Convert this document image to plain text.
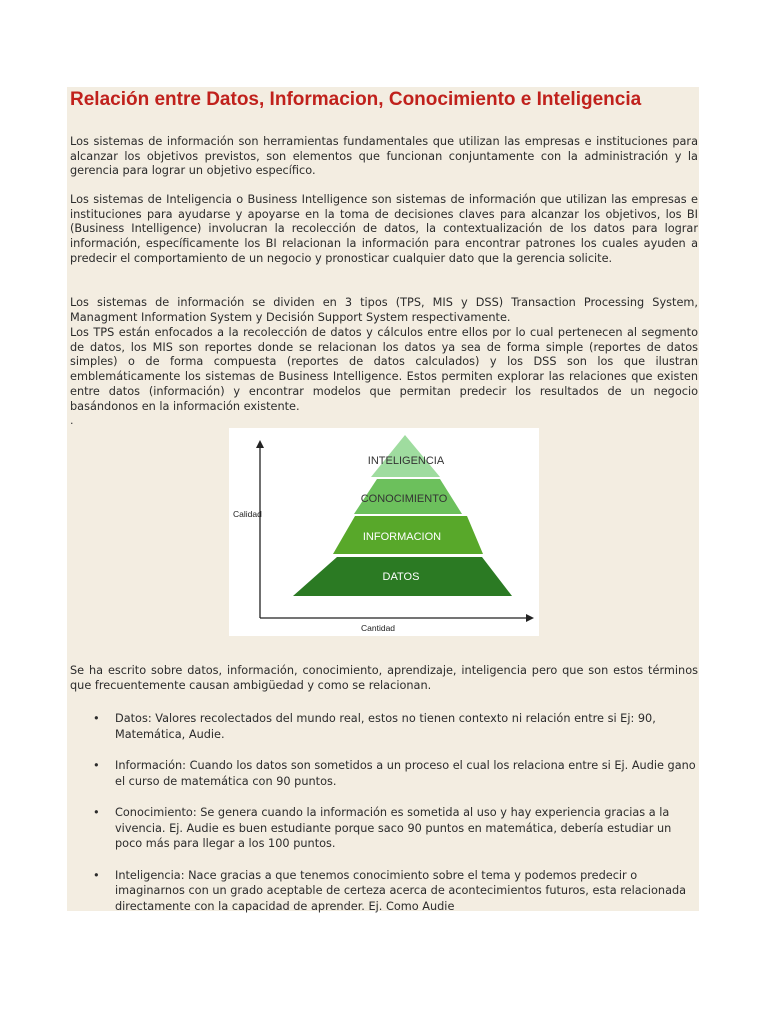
Relación entre Datos, Informacion, Conocimiento e Inteligencia

Los sistemas de información son herramientas fundamentales que utilizan las empresas e instituciones para alcanzar los objetivos previstos, son elementos que funcionan conjuntamente con la administración y la gerencia para lograr un objetivo específico.

Los sistemas de Inteligencia o Business Intelligence son sistemas de información que utilizan las empresas e instituciones para ayudarse y apoyarse en la toma de decisiones claves para alcanzar los objetivos, los BI (Business Intelligence) involucran la recolección de datos, la contextualización de los datos para lograr información, específicamente los BI relacionan la información para encontrar patrones los cuales ayuden a predecir el comportamiento de un negocio y pronosticar cualquier dato que la gerencia solicite.

Los sistemas de información se dividen en 3 tipos (TPS, MIS y DSS) Transaction Processing System, Managment Information System y Decisión Support System respectivamente.

Los TPS están enfocados a la recolección de datos y cálculos entre ellos por lo cual pertenecen al segmento de datos, los MIS son reportes donde se relacionan los datos ya sea de forma simple (reportes de datos simples) o de forma compuesta (reportes de datos calculados) y los DSS son los que ilustran emblemáticamente los sistemas de Business Intelligence. Estos permiten explorar las relaciones que existen entre datos (información) y encontrar modelos que permitan predecir los resultados de un negocio basándonos en la información existente.

.
Calidad
Cantidad
INTELIGENCIA
CONOCIMIENTO
INFORMACION
DATOS

Se ha escrito sobre datos, información, conocimiento, aprendizaje, inteligencia pero que son estos términos que frecuentemente causan ambigüedad y como se relacionan.

• Datos: Valores recolectados del mundo real, estos no tienen contexto ni relación entre si Ej: 90, Matemática, Audie.
• Información: Cuando los datos son sometidos a un proceso el cual los relaciona entre si Ej. Audie gano el curso de matemática con 90 puntos.
• Conocimiento: Se genera cuando la información es sometida al uso y hay experiencia gracias a la vivencia. Ej. Audie es buen estudiante porque saco 90 puntos en matemática, debería estudiar un poco más para llegar a los 100 puntos.
• Inteligencia: Nace gracias a que tenemos conocimiento sobre el tema y podemos predecir o imaginarnos con un grado aceptable de certeza acerca de acontecimientos futuros, esta relacionada directamente con la capacidad de aprender. Ej. Como Audie
